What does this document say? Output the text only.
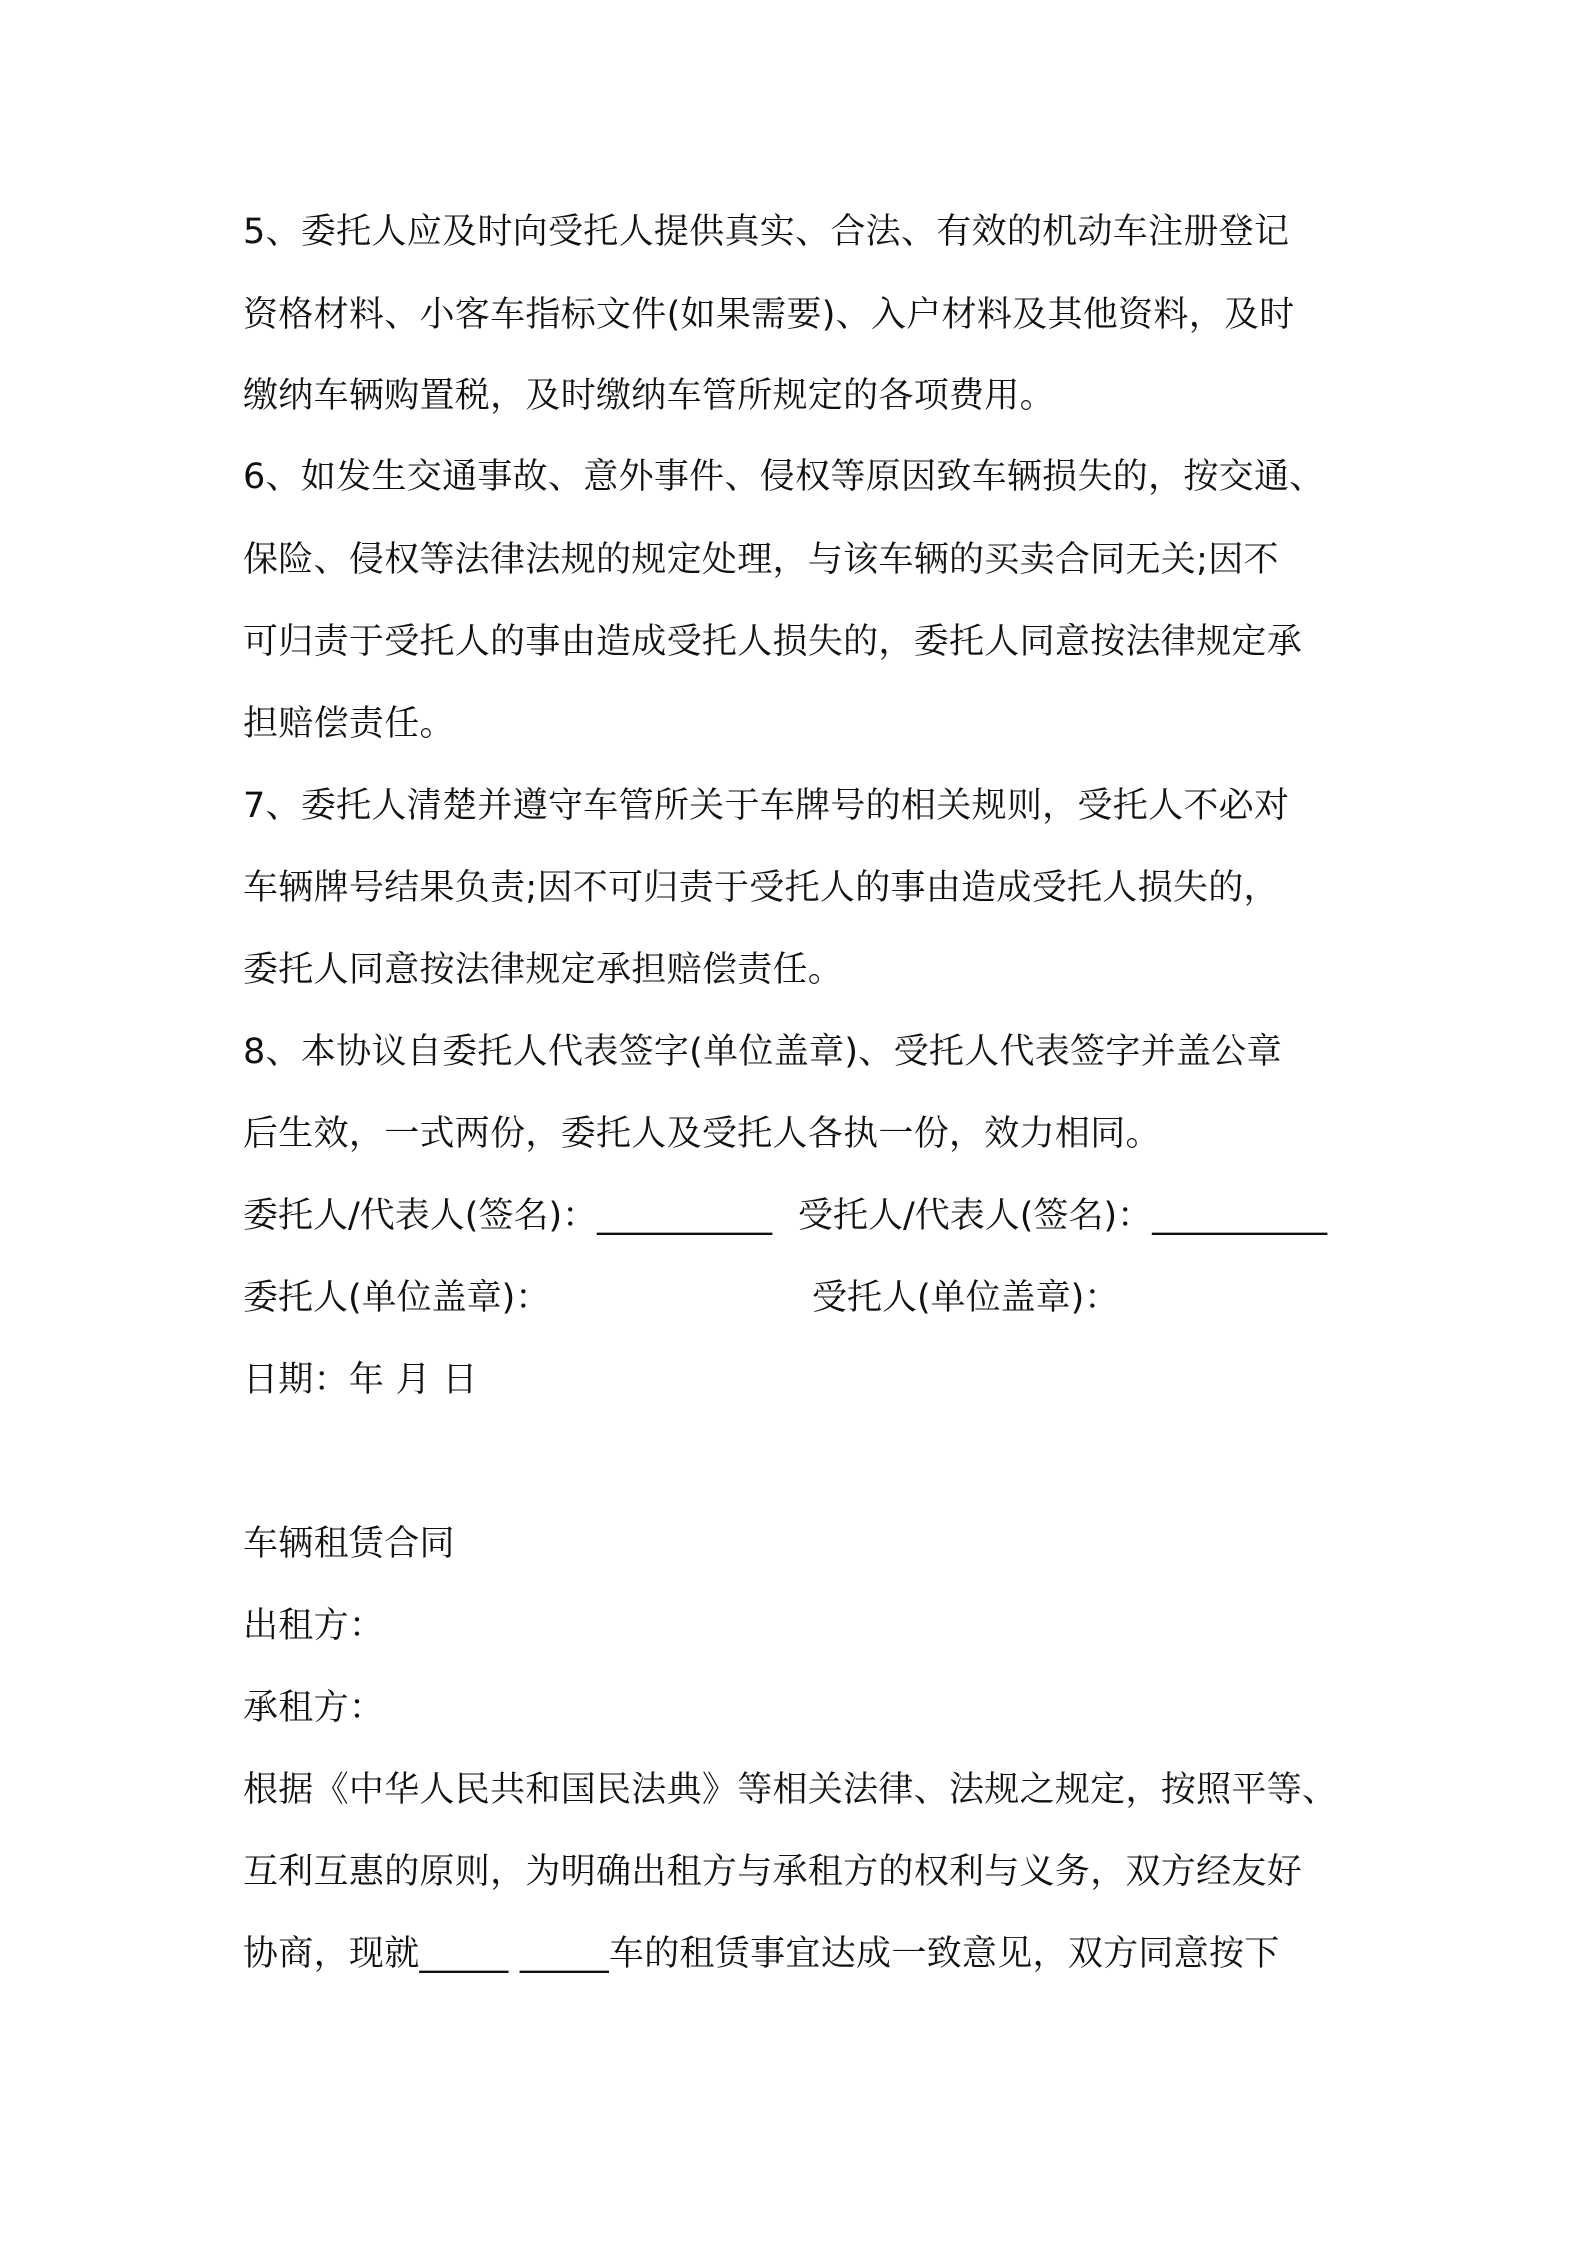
5、委托人应及时向受托人提供真实、合法、有效的机动车注册登记
资格材料、小客车指标文件(如果需要)、入户材料及其他资料，及时
缴纳车辆购置税，及时缴纳车管所规定的各项费用。
6、如发生交通事故、意外事件、侵权等原因致车辆损失的，按交通、
保险、侵权等法律法规的规定处理，与该车辆的买卖合同无关;因不
可归责于受托人的事由造成受托人损失的，委托人同意按法律规定承
担赔偿责任。
7、委托人清楚并遵守车管所关于车牌号的相关规则，受托人不必对
车辆牌号结果负责;因不可归责于受托人的事由造成受托人损失的，
委托人同意按法律规定承担赔偿责任。
8、本协议自委托人代表签字(单位盖章)、受托人代表签字并盖公章
后生效，一式两份，委托人及受托人各执一份，效力相同。
委托人/代表人(签名)：__________ 受托人/代表人(签名)：__________
委托人(单位盖章)：	受托人(单位盖章)：
日期：年 月 日
车辆租赁合同
出租方：
承租方：
根据《中华人民共和国民法典》等相关法律、法规之规定，按照平等、
互利互惠的原则，为明确出租方与承租方的权利与义务，双方经友好
协商，现就_____ _____车的租赁事宜达成一致意见，双方同意按下
